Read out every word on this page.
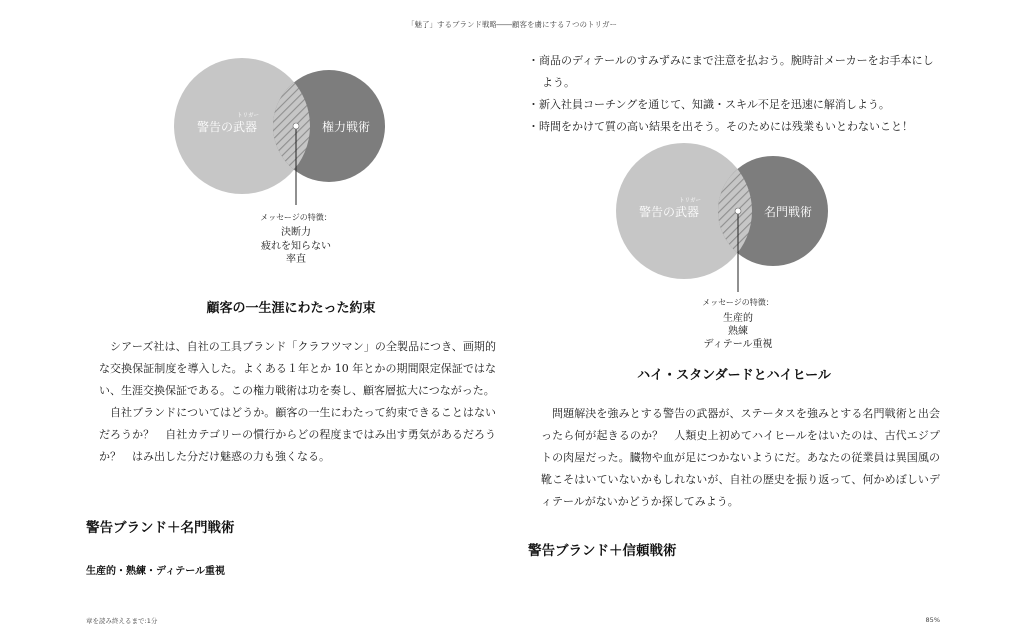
「魅了」するブランド戦略――顧客を虜にする７つのトリガー
トリガー
警告の武器	権力戦術
メッセージの特徴：
決断力
疲れを知らない
率直
顧客の一生涯にわたった約束

シアーズ社は、自社の工具ブランド「クラフツマン」の全製品につき、画期的な交換保証制度を導入した。よくある１年とか 10 年とかの期間限定保証ではない、生涯交換保証である。この権力戦術は功を奏し、顧客層拡大につながった。

自社ブランドについてはどうか。顧客の一生にわたって約束できることはないだろうか？　自社カテゴリーの慣行からどの程度まではみ出す勇気があるだろうか？　はみ出した分だけ魅惑の力も強くなる。

警告ブランド＋名門戦術
生産的・熟練・ディテール重視

・商品のディテールのすみずみにまで注意を払おう。腕時計メーカーをお手本にしよう。

・新入社員コーチングを通じて、知識・スキル不足を迅速に解消しよう。

・時間をかけて質の高い結果を出そう。そのためには残業もいとわないこと！

トリガー
警告の武器	名門戦術
メッセージの特徴：
生産的
熟練
ディテール重視
ハイ・スタンダードとハイヒール

問題解決を強みとする警告の武器が、ステータスを強みとする名門戦術と出会ったら何が起きるのか？　人類史上初めてハイヒールをはいたのは、古代エジプトの肉屋だった。臓物や血が足につかないようにだ。あなたの従業員は異国風の靴こそはいていないかもしれないが、自社の歴史を振り返って、何かめぼしいディテールがないかどうか探してみよう。

警告ブランド＋信頼戦術
章を読み終えるまで:1分	85%
